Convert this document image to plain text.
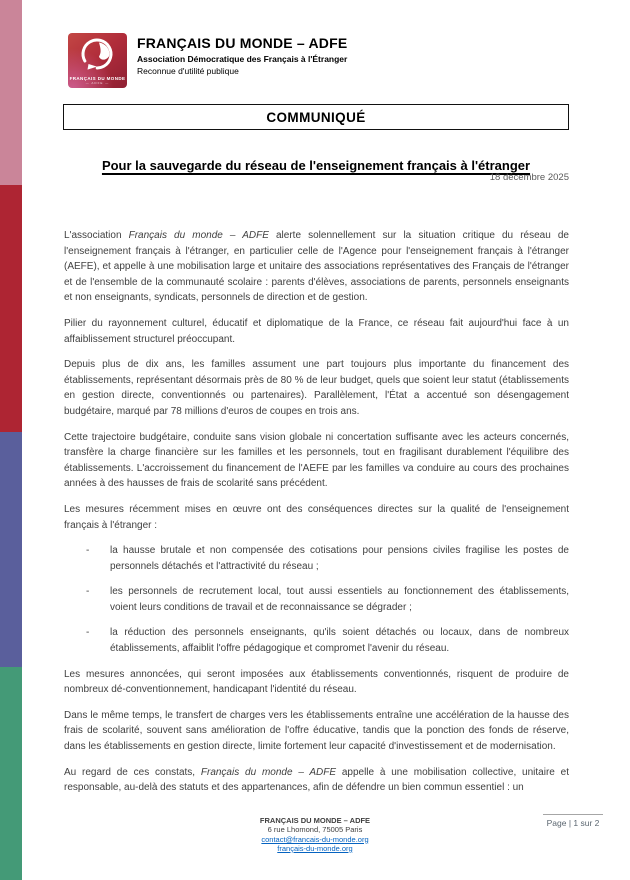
FRANÇAIS DU MONDE
— ADFE —
FRANÇAIS DU MONDE – ADFE
Association Démocratique des Français à l'Étranger
Reconnue d'utilité publique
COMMUNIQUÉ
Pour la sauvegarde du réseau de l'enseignement français à l'étranger
18 décembre 2025

L'association Français du monde – ADFE alerte solennellement sur la situation critique du réseau de l'enseignement français à l'étranger, en particulier celle de l'Agence pour l'enseignement français à l'étranger (AEFE), et appelle à une mobilisation large et unitaire des associations représentatives des Français de l'étranger et de l'ensemble de la communauté scolaire : parents d'élèves, associations de parents, personnels enseignants et non enseignants, syndicats, personnels de direction et de gestion.

Pilier du rayonnement culturel, éducatif et diplomatique de la France, ce réseau fait aujourd'hui face à un affaiblissement structurel préoccupant.

Depuis plus de dix ans, les familles assument une part toujours plus importante du financement des établissements, représentant désormais près de 80 % de leur budget, quels que soient leur statut (établissements en gestion directe, conventionnés ou partenaires). Parallèlement, l'État a accentué son désengagement budgétaire, marqué par 78 millions d'euros de coupes en trois ans.

Cette trajectoire budgétaire, conduite sans vision globale ni concertation suffisante avec les acteurs concernés, transfère la charge financière sur les familles et les personnels, tout en fragilisant durablement l'équilibre des établissements. L'accroissement du financement de l'AEFE par les familles va conduire au cours des prochaines années à des hausses de frais de scolarité sans précédent.

Les mesures récemment mises en œuvre ont des conséquences directes sur la qualité de l'enseignement français à l'étranger :

- la hausse brutale et non compensée des cotisations pour pensions civiles fragilise les postes de personnels détachés et l'attractivité du réseau ;
- les personnels de recrutement local, tout aussi essentiels au fonctionnement des établissements, voient leurs conditions de travail et de reconnaissance se dégrader ;
- la réduction des personnels enseignants, qu'ils soient détachés ou locaux, dans de nombreux établissements, affaiblit l'offre pédagogique et compromet l'avenir du réseau.

Les mesures annoncées, qui seront imposées aux établissements conventionnés, risquent de produire de nombreux dé-conventionnement, handicapant l'identité du réseau.

Dans le même temps, le transfert de charges vers les établissements entraîne une accélération de la hausse des frais de scolarité, souvent sans amélioration de l'offre éducative, tandis que la ponction des fonds de réserve, dans les établissements en gestion directe, limite fortement leur capacité d'investissement et de modernisation.

Au regard de ces constats, Français du monde – ADFE appelle à une mobilisation collective, unitaire et responsable, au-delà des statuts et des appartenances, afin de défendre un bien commun essentiel : un

FRANÇAIS DU MONDE – ADFE
6 rue Lhomond, 75005 Paris
contact@francais-du-monde.org
français-du-monde.org
Page | 1 sur 2
